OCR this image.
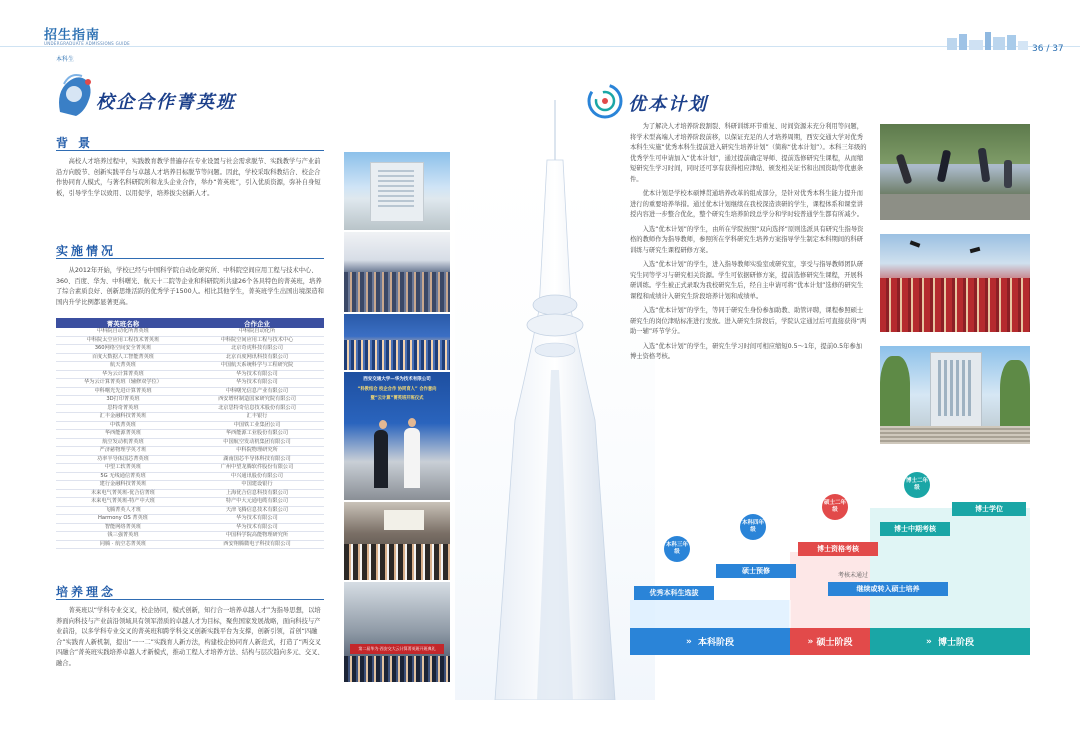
招生指南
UNDERGRADUATE ADMISSIONS GUIDE
本科生
36 / 37
校企合作菁英班
背 景

高校人才培养过程中，实践教育教学普遍存在专业设置与社会需求脱节、实践教学与产业前沿方向脱节、创新实践平台与卓越人才培养目标脱节等问题。因此，学校采取科教结合、校企合作协同育人模式，与著名科研院所和龙头企业合作，举办“菁英班”，引入优质资源，弥补自身短板，引导学生学以致用、以用促学，培养拔尖创新人才。

实施情况

从2012年开始，学校已经与中国科学院自动化研究所、中科院空间应用工程与技术中心、360、百度、华为、中科曙光、航天十二院等企业和科研院所共建26个各具特色的菁英班，培养了综合素质良好、创新思维活跃的优秀学子1500人。相比其他学生，菁英班学生出国出境深造和国内升学比例都显著更高。

菁英班名称	合作企业
中科院自动化所菁英班	中科院自动化所
中科院太空应用工程技术菁英班	中科院空间应用工程与技术中心
360网络空间安全菁英班	北京奇虎科技有限公司
百度大数据人工智能菁英班	北京百度网讯科技有限公司
航天菁英班	中国航天系统科学与工程研究院
华为云计算菁英班	华为技术有限公司
华为云计算菁英班（辅修双学位）	华为技术有限公司
中科曙光先进计算菁英班	中科曙光信息产业有限公司
3D打印菁英班	西安增材制造国家研究院有限公司
思特奇菁英班	北京思特奇信息技术股份有限公司
汇丰金融科技菁英班	汇丰银行
中铁菁英班	中国铁工业集团公司
华西能源菁英班	华西能源工业股份有限公司
航空发动机菁英班	中国航空发动机集团有限公司
严济慈物理学英才班	中科院物理研究所
功率半导体国芯菁英班	湖南国芯半导体科技有限公司
中望工软菁英班	广州中望龙腾软件股份有限公司
5G 无线通信菁英班	中兴通讯股份有限公司
建行金融科技菁英班	中国建设银行
未来电气菁英班-优合信菁班	上海优合信息科技有限公司
未来电气菁英班-特产中大班	特产中大元通电缆有限公司
飞腾菁英人才班	天津飞腾信息技术有限公司
Harmony OS 菁英班	华为技术有限公司
智能网络菁英班	华为技术有限公司
钱三强菁英班	中国科学院高能物理研究所
同腾 · 航空芯菁英班	西安翔腾微电子科技有限公司
培养理念

菁英班以“学科专业交叉，校企协同，模式创新，知行合一培养卓越人才”为指导思想，以培养面向科技与产业前沿领域具有领军潜质的卓越人才为目标，聚焦国家发展战略，面向科技与产业前沿，以多学科专业交叉的菁英班和跨学科交叉创新实践平台为支撑，创新引领，首创“四融合”实践育人新机制，提出“一一二”实践育人新方法，构建校企协同育人新范式，打造了“两交叉四融合”菁英班实践培养卓越人才新模式，推动工程人才培养方法、结构与层次趋向多元、交叉、融合。

西安交通大学—华为技术有限公司
“科教结合 校企合作 协同育人” 合作意向
暨“云计算”菁英班开班仪式
第二届华为·西安交大云计算菁英班开班典礼
优本计划

为了解决人才培养阶段割裂、科研训练环节重复、时间资源未充分利用等问题，将学术型高端人才培养阶段前移，以保证充足的人才培养周期，西安交通大学对优秀本科生实施“优秀本科生提前进入研究生培养计划”（简称“优本计划”）。本科三年级的优秀学生可申请加入“优本计划”，通过提前确定导师、提前选修研究生课程，从而缩短研究生学习时间，同时还可享有获得相应津贴、颁发相关证书和出国资助等优惠条件。

优本计划是学校本硕博贯通培养改革的组成部分，是针对优秀本科生能力提升而进行的重要培养举措。通过优本计划继续在我校深造读研的学生，课程体系和课堂讲授内容进一步整合优化，整个研究生培养阶段总学分和学时较普通学生都有所减少。

入选“优本计划”的学生，由所在学院按照“双向选择”原则选派具有研究生指导资格的教师作为指导教师，参照所在学科研究生培养方案指导学生制定本科期间的科研训练与研究生课程研修方案。

入选“优本计划”的学生，进入指导教师实验室或研究室，享受与指导教师团队研究生同等学习与研究相关资源。学生可依据研修方案，提前选修研究生课程，开展科研训练。学生被正式录取为我校研究生后，经自主申请可将“优本计划”选修的研究生课程和成绩计入研究生阶段培养计划和成绩单。

入选“优本计划”的学生，等同于研究生身份参加助教、助管评聘，课程参照硕士研究生的岗位津贴标准进行发放。进入研究生阶段后，学院认定通过后可直接获得“两助一辅”环节学分。

入选“优本计划”的学生，研究生学习时间可相应缩短0.5～1年，提前0.5年参加博士资格考核。

优秀本科生选拔
硕士预修
博士资格考核
博士中期考核
博士学位
考核未通过
继续或转入硕士培养
本科三年级
本科四年级
硕士二年级
博士二年级
» 本科阶段	» 硕士阶段	» 博士阶段
